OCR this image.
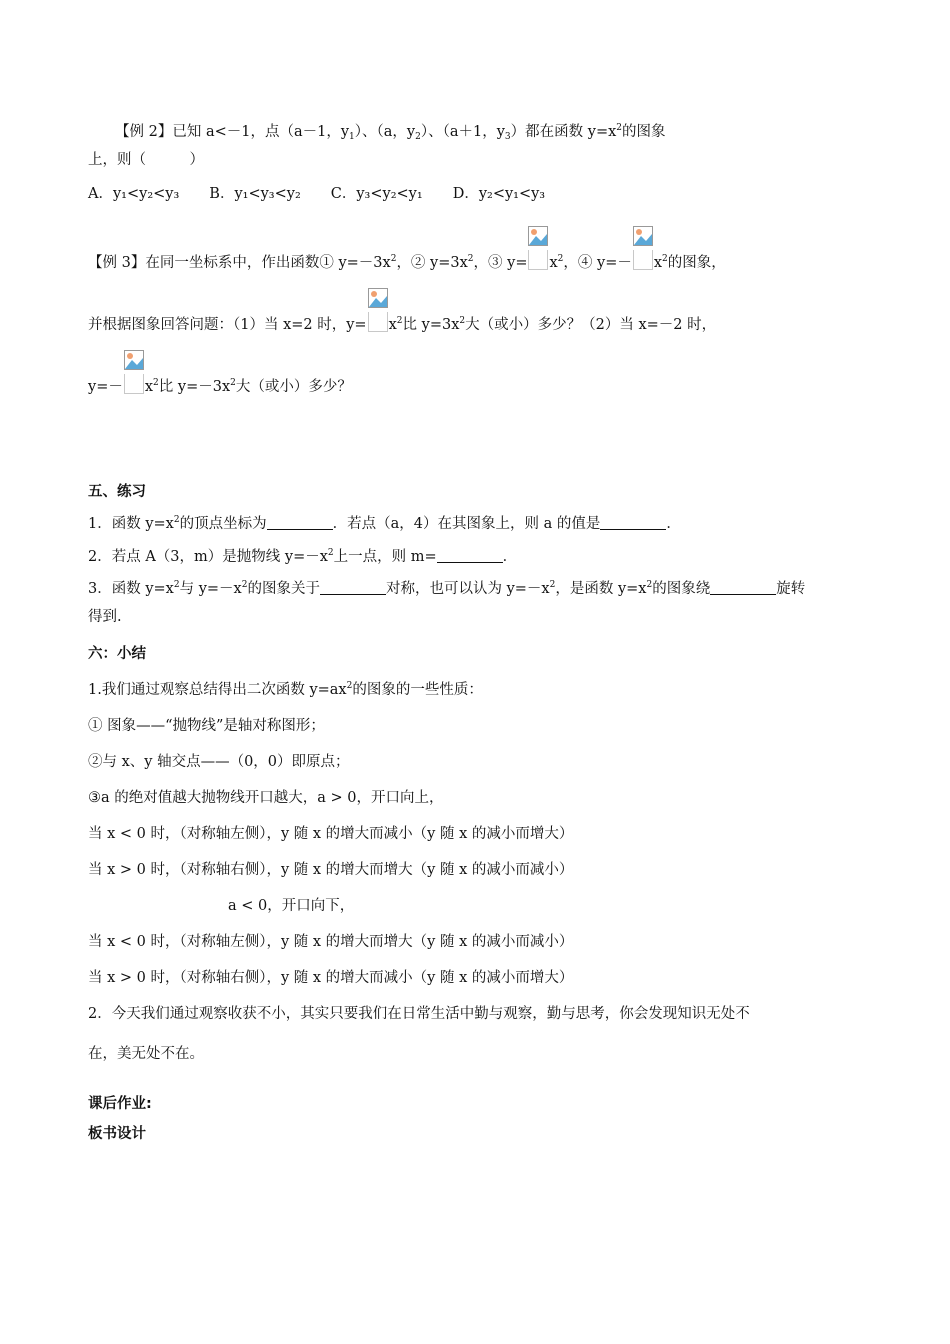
【例 2】已知 a<－1，点（a－1，$y_1$）、（a，$y_2$）、（a＋1，$y_3$）都在函数 $y=x^2$的图象
上，则（　　　）
A．y₁<y₂<y₃ B．y₁<y₃<y₂ C．y₃<y₂<y₁ D．y₂<y₁<y₃
【例 3】在同一坐标系中，作出函数① $y=-3x^2$，② $y=3x^2$，③ $y= x^2$，④ $y=- x^2$的图象，
并根据图象回答问题：（1）当 x=2 时，$y= x^2$比 $y=3x^2$大（或小）多少？（2）当 x=－2 时，
$y=- x^2$比 $y=-3x^2$大（或小）多少？
五、练习
1．函数 $y=x^2$的顶点坐标为	．若点（a，4）在其图象上，则 a 的值是	．
2．若点 A（3，m）是抛物线 $y=-x^2$上一点，则 m=	．
3．函数 $y=x^2$与 $y=-x^2$的图象关于	对称，也可以认为 $y=-x^2$，是函数 $y=x^2$的图象绕	旋转
得到.
六：小结
1.我们通过观察总结得出二次函数 $y=ax^2$的图象的一些性质：
① 图象——“抛物线”是轴对称图形；
②与 x、y 轴交点——（0，0）即原点；
③a 的绝对值越大抛物线开口越大，a > 0，开口向上，
当 x < 0 时，（对称轴左侧），y 随 x 的增大而减小（y 随 x 的减小而增大）
当 x > 0 时，（对称轴右侧），y 随 x 的增大而增大（y 随 x 的减小而减小）
a < 0，开口向下，
当 x < 0 时，（对称轴左侧），y 随 x 的增大而增大（y 随 x 的减小而减小）
当 x > 0 时，（对称轴右侧），y 随 x 的增大而减小（y 随 x 的减小而增大）
2．今天我们通过观察收获不小，其实只要我们在日常生活中勤与观察，勤与思考，你会发现知识无处不
在，美无处不在。
课后作业:
板书设计
